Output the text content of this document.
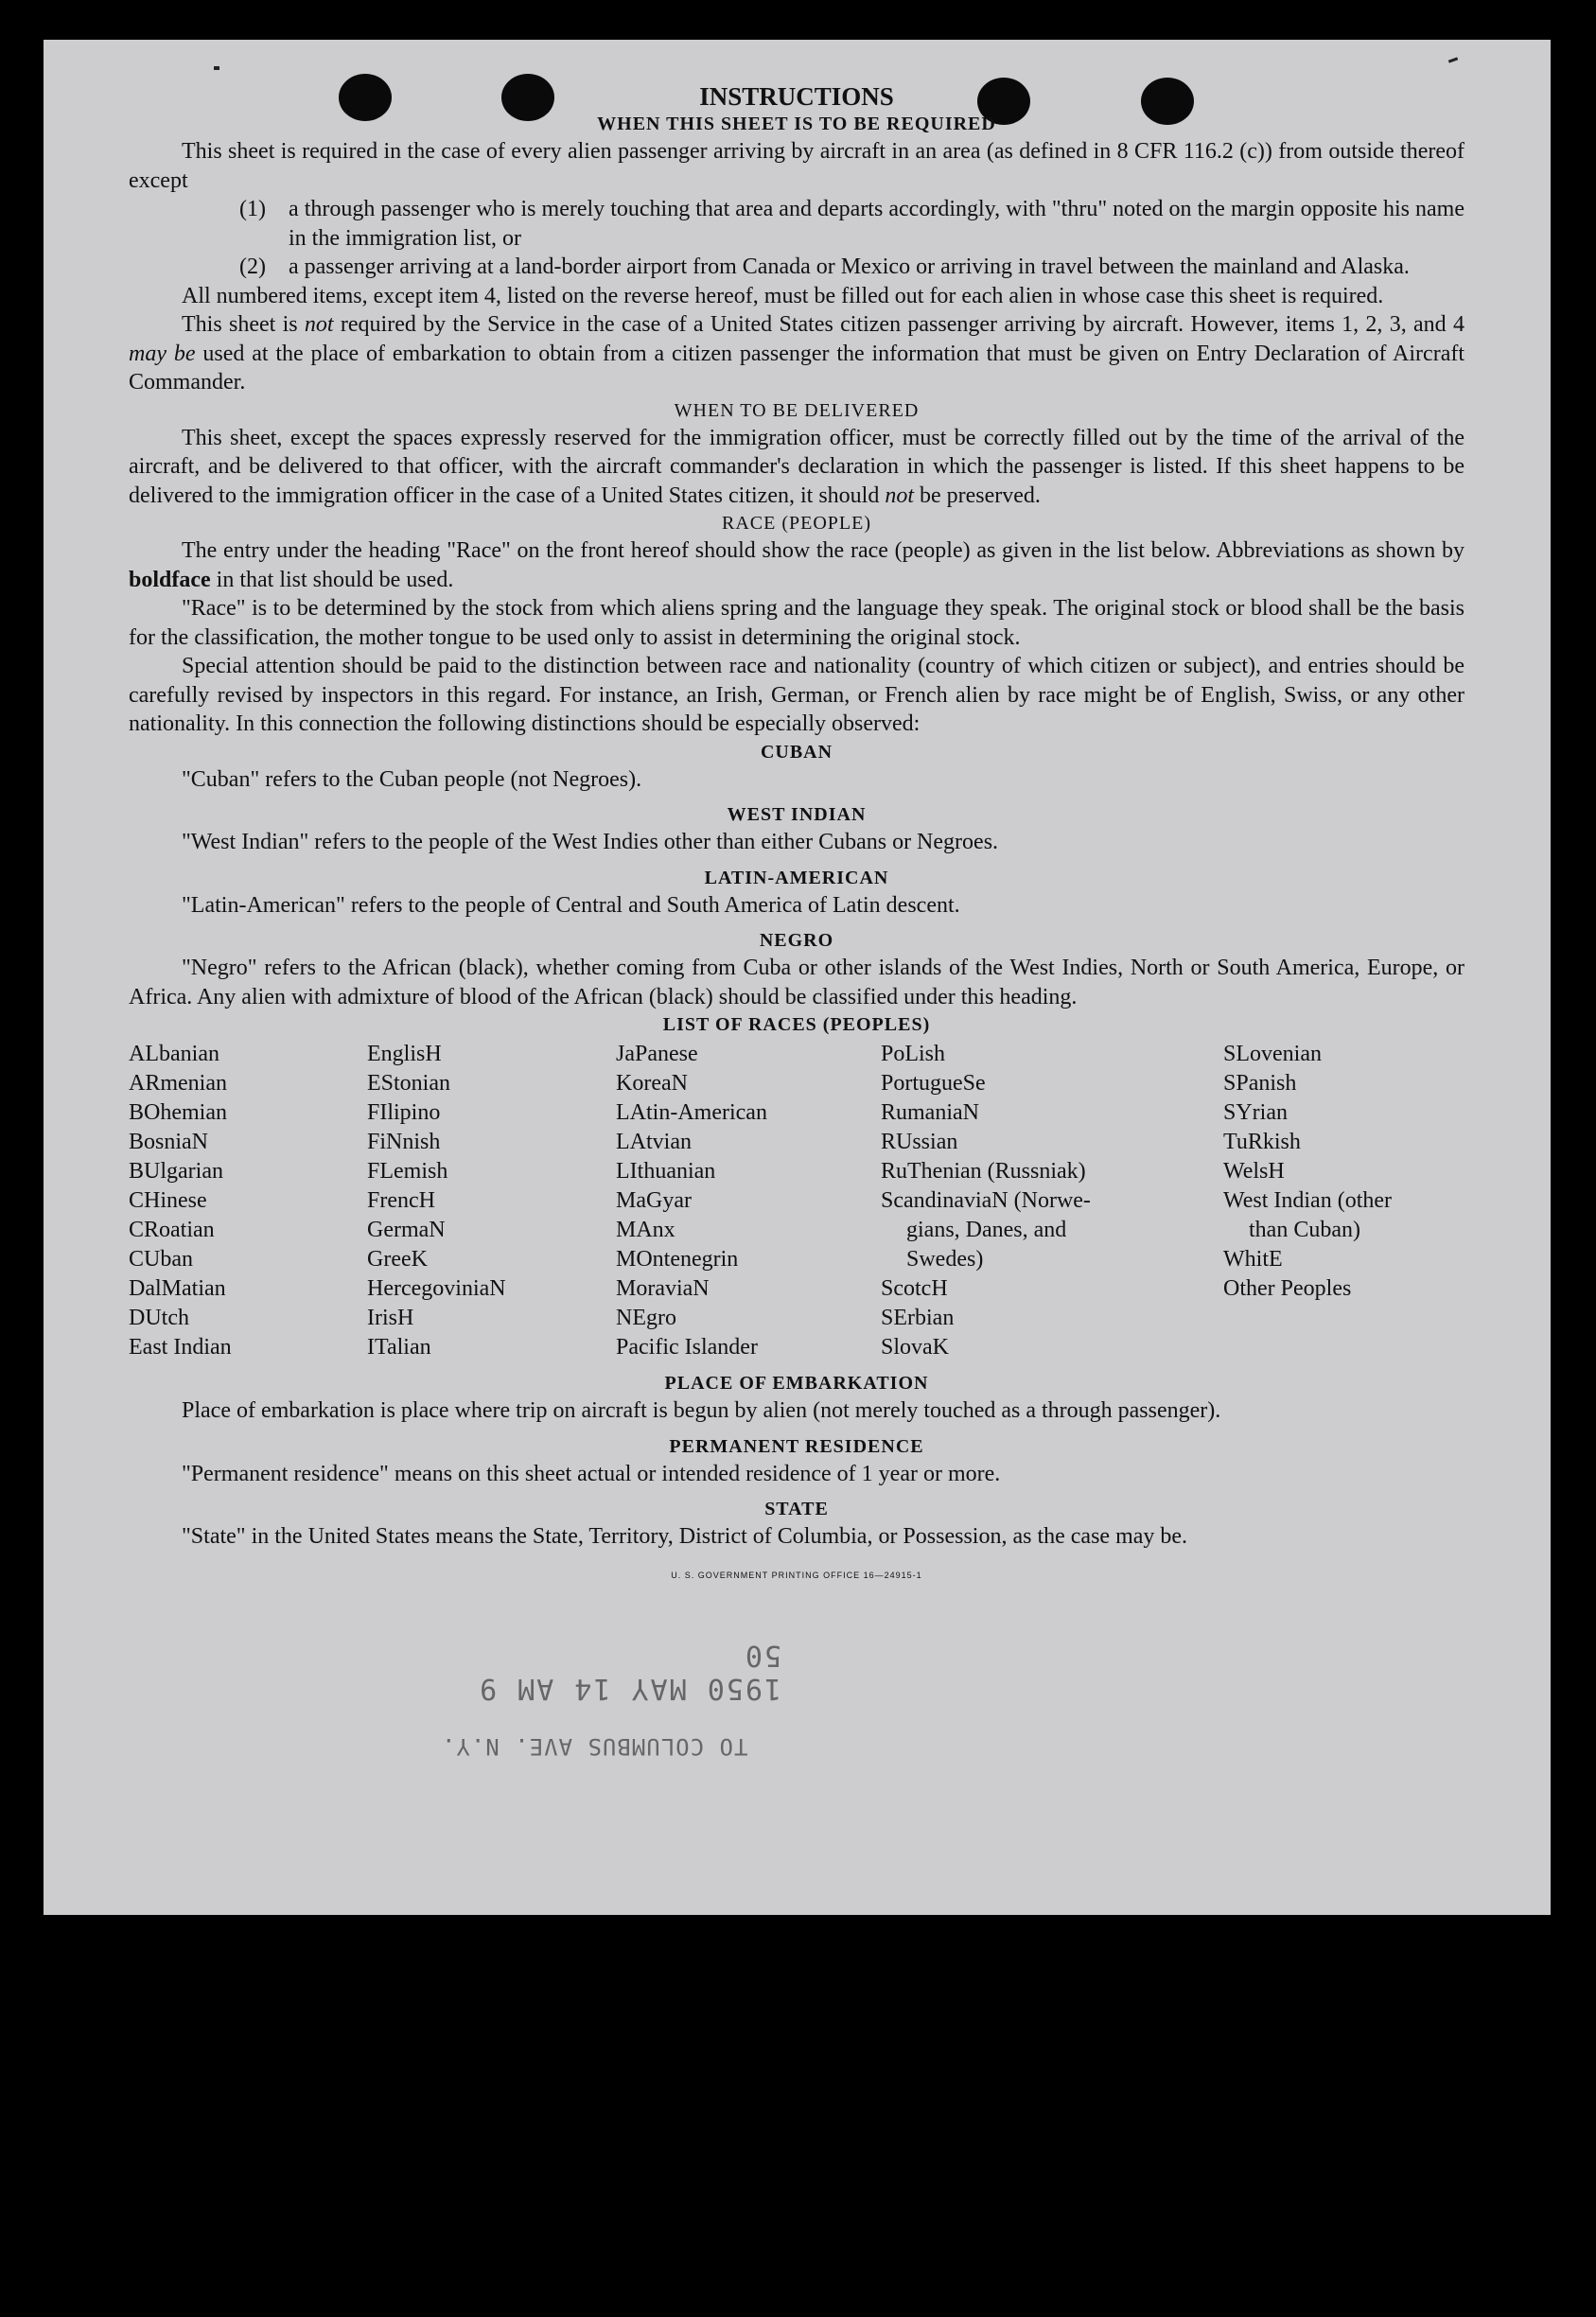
INSTRUCTIONS
WHEN THIS SHEET IS TO BE REQUIRED

This sheet is required in the case of every alien passenger arriving by aircraft in an area (as defined in 8 CFR 116.2 (c)) from outside thereof except

(1)	a through passenger who is merely touching that area and departs accordingly, with "thru" noted on the margin opposite his name in the immigration list, or
(2)	a passenger arriving at a land-border airport from Canada or Mexico or arriving in travel between the mainland and Alaska.

All numbered items, except item 4, listed on the reverse hereof, must be filled out for each alien in whose case this sheet is required.

This sheet is not required by the Service in the case of a United States citizen passenger arriving by aircraft. However, items 1, 2, 3, and 4 may be used at the place of embarkation to obtain from a citizen passenger the information that must be given on Entry Declaration of Aircraft Commander.

WHEN TO BE DELIVERED

This sheet, except the spaces expressly reserved for the immigration officer, must be correctly filled out by the time of the arrival of the aircraft, and be delivered to that officer, with the aircraft commander's declaration in which the passenger is listed. If this sheet happens to be delivered to the immigration officer in the case of a United States citizen, it should not be preserved.

RACE (PEOPLE)

The entry under the heading "Race" on the front hereof should show the race (people) as given in the list below. Abbreviations as shown by boldface in that list should be used.

"Race" is to be determined by the stock from which aliens spring and the language they speak. The original stock or blood shall be the basis for the classification, the mother tongue to be used only to assist in determining the original stock.

Special attention should be paid to the distinction between race and nationality (country of which citizen or subject), and entries should be carefully revised by inspectors in this regard. For instance, an Irish, German, or French alien by race might be of English, Swiss, or any other nationality. In this connection the following distinctions should be especially observed:

CUBAN

"Cuban" refers to the Cuban people (not Negroes).

WEST INDIAN

"West Indian" refers to the people of the West Indies other than either Cubans or Negroes.

LATIN-AMERICAN

"Latin-American" refers to the people of Central and South America of Latin descent.

NEGRO

"Negro" refers to the African (black), whether coming from Cuba or other islands of the West Indies, North or South America, Europe, or Africa. Any alien with admixture of blood of the African (black) should be classified under this heading.

LIST OF RACES (PEOPLES)
ALbanian
ARmenian
BOhemian
BosniaN
BUlgarian
CHinese
CRoatian
CUban
DalMatian
DUtch
East Indian
EnglisH
EStonian
FIlipino
FiNnish
FLemish
FrencH
GermaN
GreeK
HercegoviniaN
IrisH
ITalian
JaPanese
KoreaN
LAtin-American
LAtvian
LIthuanian
MaGyar
MAnx
MOntenegrin
MoraviaN
NEgro
Pacific Islander
PoLish
PortugueSe
RumaniaN
RUssian
RuThenian (Russniak)
ScandinaviaN (Norwe-
gians, Danes, and
Swedes)
ScotcH
SErbian
SlovaK
SLovenian
SPanish
SYrian
TuRkish
WelsH
West Indian (other
than Cuban)
WhitE
Other Peoples
PLACE OF EMBARKATION

Place of embarkation is place where trip on aircraft is begun by alien (not merely touched as a through passenger).

PERMANENT RESIDENCE

"Permanent residence" means on this sheet actual or intended residence of 1 year or more.

STATE

"State" in the United States means the State, Territory, District of Columbia, or Possession, as the case may be.

U. S. GOVERNMENT PRINTING OFFICE 16—24915-1
1950 MAY 14 AM 9 50
TO COLUMBUS AVE. N.Y.
